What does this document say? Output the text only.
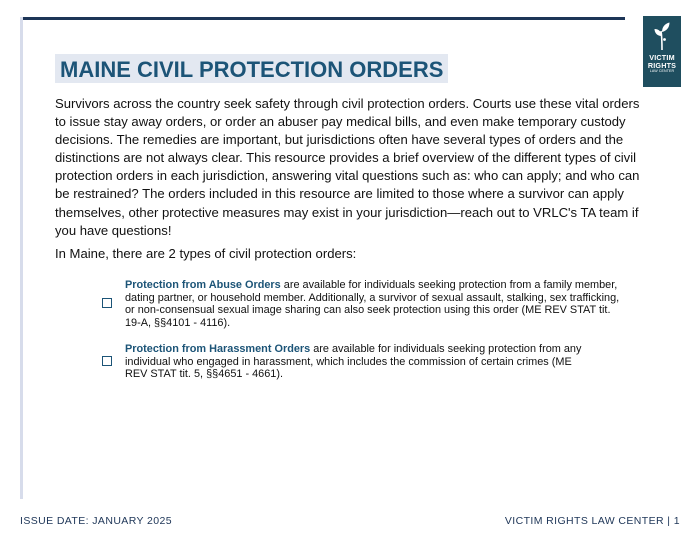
VICTIM
RIGHTS
LAW CENTER
MAINE CIVIL PROTECTION ORDERS

Survivors across the country seek safety through civil protection orders. Courts use these vital orders to issue stay away orders, or order an abuser pay medical bills, and even make temporary custody decisions. The remedies are important, but jurisdictions often have several types of orders and the distinctions are not always clear. This resource provides a brief overview of the different types of civil protection orders in each jurisdiction, answering vital questions such as: who can apply; and who can be restrained? The orders included in this resource are limited to those where a survivor can apply themselves, other protective measures may exist in your jurisdiction—reach out to VRLC's TA team if you have questions!

In Maine, there are 2 types of civil protection orders:

Protection from Abuse Orders are available for individuals seeking protection from a family member, dating partner, or household member. Additionally, a survivor of sexual assault, stalking, sex trafficking, or non-consensual sexual image sharing can also seek protection using this order (ME REV STAT tit. 19-A, §§4101 - 4116).

Protection from Harassment Orders are available for individuals seeking protection from any individual who engaged in harassment, which includes the commission of certain crimes (ME REV STAT tit. 5, §§4651 - 4661).

ISSUE DATE: JANUARY 2025	VICTIM RIGHTS LAW CENTER | 1
